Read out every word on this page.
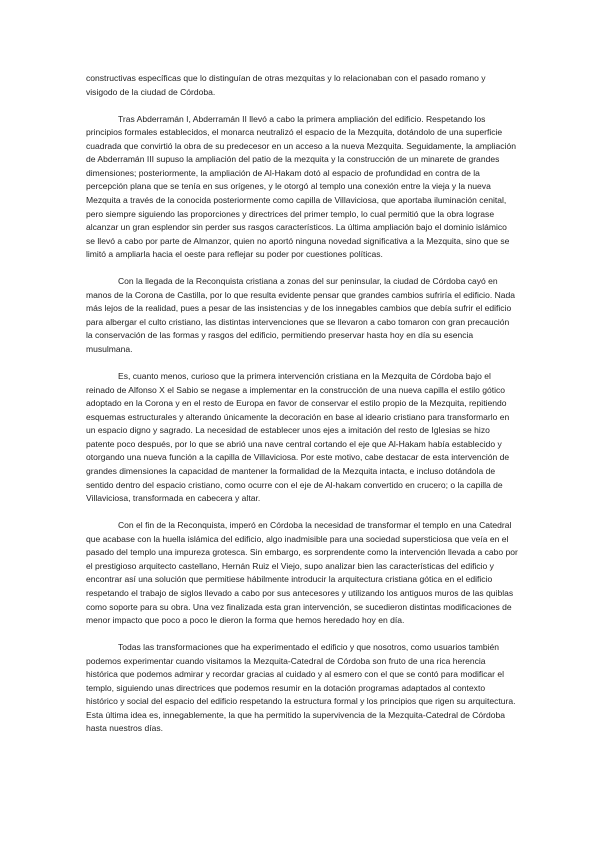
constructivas específicas que lo distinguían de otras mezquitas y lo relacionaban con el pasado romano y visigodo de la ciudad de Córdoba.

Tras Abderramán I, Abderramán II llevó a cabo la primera ampliación del edificio. Respetando los principios formales establecidos, el monarca neutralizó el espacio de la Mezquita, dotándolo de una superficie cuadrada que convirtió la obra de su predecesor en un acceso a la nueva Mezquita. Seguidamente, la ampliación de Abderramán III supuso la ampliación del patio de la mezquita y la construcción de un minarete de grandes dimensiones; posteriormente, la ampliación de Al-Hakam dotó al espacio de profundidad en contra de la percepción plana que se tenía en sus orígenes, y le otorgó al templo una conexión entre la vieja y la nueva Mezquita a través de la conocida posteriormente como capilla de Villaviciosa, que aportaba iluminación cenital, pero siempre siguiendo las proporciones y directrices del primer templo, lo cual permitió que la obra lograse alcanzar un gran esplendor sin perder sus rasgos característicos. La última ampliación bajo el dominio islámico se llevó a cabo por parte de Almanzor, quien no aportó ninguna novedad significativa a la Mezquita, sino que se limitó a ampliarla hacia el oeste para reflejar su poder por cuestiones políticas.

Con la llegada de la Reconquista cristiana a zonas del sur peninsular, la ciudad de Córdoba cayó en manos de la Corona de Castilla, por lo que resulta evidente pensar que grandes cambios sufriría el edificio. Nada más lejos de la realidad, pues a pesar de las insistencias y de los innegables cambios que debía sufrir el edificio para albergar el culto cristiano, las distintas intervenciones que se llevaron a cabo tomaron con gran precaución la conservación de las formas y rasgos del edificio, permitiendo preservar hasta hoy en día su esencia musulmana.

Es, cuanto menos, curioso que la primera intervención cristiana en la Mezquita de Córdoba bajo el reinado de Alfonso X el Sabio se negase a implementar en la construcción de una nueva capilla el estilo gótico adoptado en la Corona y en el resto de Europa en favor de conservar el estilo propio de la Mezquita, repitiendo esquemas estructurales y alterando únicamente la decoración en base al ideario cristiano para transformarlo en un espacio digno y sagrado. La necesidad de establecer unos ejes a imitación del resto de Iglesias se hizo patente poco después, por lo que se abrió una nave central cortando el eje que Al-Hakam había establecido y otorgando una nueva función a la capilla de Villaviciosa. Por este motivo, cabe destacar de esta intervención de grandes dimensiones la capacidad de mantener la formalidad de la Mezquita intacta, e incluso dotándola de sentido dentro del espacio cristiano, como ocurre con el eje de Al-hakam convertido en crucero; o la capilla de Villaviciosa, transformada en cabecera y altar.

Con el fin de la Reconquista, imperó en Córdoba la necesidad de transformar el templo en una Catedral que acabase con la huella islámica del edificio, algo inadmisible para una sociedad supersticiosa que veía en el pasado del templo una impureza grotesca. Sin embargo, es sorprendente como la intervención llevada a cabo por el prestigioso arquitecto castellano, Hernán Ruiz el Viejo, supo analizar bien las características del edificio y encontrar así una solución que permitiese hábilmente introducir la arquitectura cristiana gótica en el edificio respetando el trabajo de siglos llevado a cabo por sus antecesores y utilizando los antiguos muros de las quiblas como soporte para su obra. Una vez finalizada esta gran intervención, se sucedieron distintas modificaciones de menor impacto que poco a poco le dieron la forma que hemos heredado hoy en día.

Todas las transformaciones que ha experimentado el edificio y que nosotros, como usuarios también podemos experimentar cuando visitamos la Mezquita-Catedral de Córdoba son fruto de una rica herencia histórica que podemos admirar y recordar gracias al cuidado y al esmero con el que se contó para modificar el templo, siguiendo unas directrices que podemos resumir en la dotación programas adaptados al contexto histórico y social del espacio del edificio respetando la estructura formal y los principios que rigen su arquitectura. Esta última idea es, innegablemente, la que ha permitido la supervivencia de la Mezquita-Catedral de Córdoba hasta nuestros días.
